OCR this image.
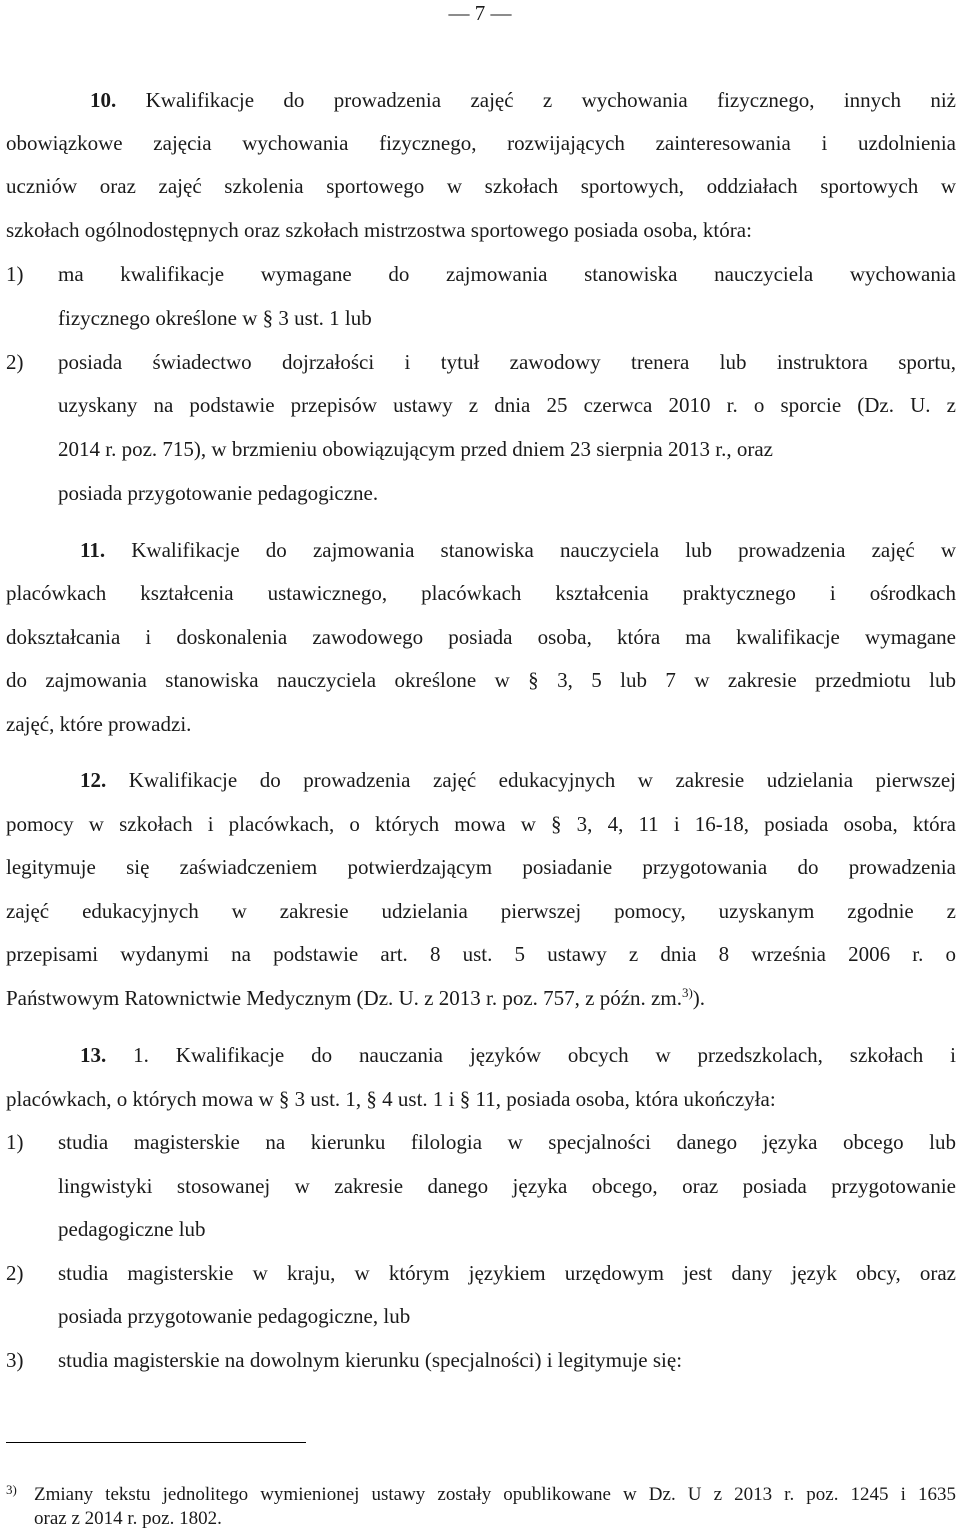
— 7 —
10. Kwalifikacje do prowadzenia zajęć z wychowania fizycznego, innych niż
obowiązkowe zajęcia wychowania fizycznego, rozwijających zainteresowania i uzdolnienia
uczniów oraz zajęć szkolenia sportowego w szkołach sportowych, oddziałach sportowych w
szkołach ogólnodostępnych oraz szkołach mistrzostwa sportowego posiada osoba, która:
1) ma kwalifikacje wymagane do zajmowania stanowiska nauczyciela wychowania
fizycznego określone w § 3 ust. 1 lub
2) posiada świadectwo dojrzałości i tytuł zawodowy trenera lub instruktora sportu,
uzyskany na podstawie przepisów ustawy z dnia 25 czerwca 2010 r. o sporcie (Dz. U. z
2014 r. poz. 715), w brzmieniu obowiązującym przed dniem 23 sierpnia 2013 r., oraz
posiada przygotowanie pedagogiczne.
11. Kwalifikacje do zajmowania stanowiska nauczyciela lub prowadzenia zajęć w
placówkach kształcenia ustawicznego, placówkach kształcenia praktycznego i ośrodkach
dokształcania i doskonalenia zawodowego posiada osoba, która ma kwalifikacje wymagane
do zajmowania stanowiska nauczyciela określone w § 3, 5 lub 7 w zakresie przedmiotu lub
zajęć, które prowadzi.
12. Kwalifikacje do prowadzenia zajęć edukacyjnych w zakresie udzielania pierwszej
pomocy w szkołach i placówkach, o których mowa w § 3, 4, 11 i 16-18, posiada osoba, która
legitymuje się zaświadczeniem potwierdzającym posiadanie przygotowania do prowadzenia
zajęć edukacyjnych w zakresie udzielania pierwszej pomocy, uzyskanym zgodnie z
przepisami wydanymi na podstawie art. 8 ust. 5 ustawy z dnia 8 września 2006 r. o
Państwowym Ratownictwie Medycznym (Dz. U. z 2013 r. poz. 757, z późn. zm.$^{3)}$).
13. 1. Kwalifikacje do nauczania języków obcych w przedszkolach, szkołach i
placówkach, o których mowa w § 3 ust. 1, § 4 ust. 1 i § 11, posiada osoba, która ukończyła:
1) studia magisterskie na kierunku filologia w specjalności danego języka obcego lub
lingwistyki stosowanej w zakresie danego języka obcego, oraz posiada przygotowanie
pedagogiczne lub
2) studia magisterskie w kraju, w którym językiem urzędowym jest dany język obcy, oraz
posiada przygotowanie pedagogiczne, lub
3) studia magisterskie na dowolnym kierunku (specjalności) i legitymuje się:
3) Zmiany tekstu jednolitego wymienionej ustawy zostały opublikowane w Dz. U z 2013 r. poz. 1245 i 1635
oraz z 2014 r. poz. 1802.
